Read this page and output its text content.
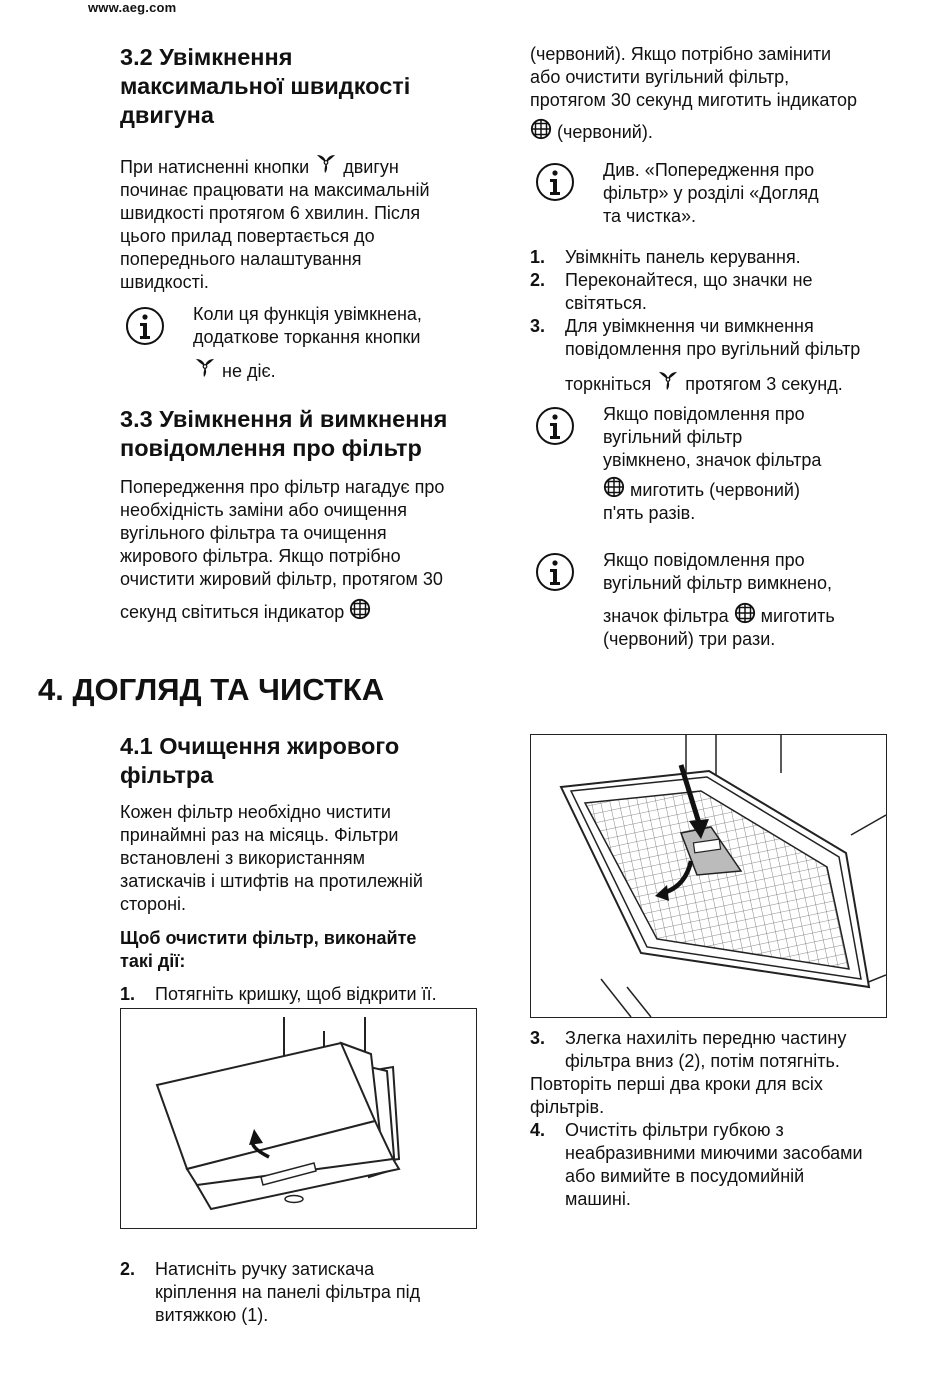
www.aeg.com
3.2 Увімкнення
максимальної швидкості
двигуна
При натисненні кнопки двигун
починає працювати на максимальній
швидкості протягом 6 хвилин. Після
цього прилад повертається до
попереднього налаштування
швидкості.
Коли ця функція увімкнена,
додаткове торкання кнопки
не діє.
3.3 Увімкнення й вимкнення
повідомлення про фільтр
Попередження про фільтр нагадує про
необхідність заміни або очищення
вугільного фільтра та очищення
жирового фільтра. Якщо потрібно
очистити жировий фільтр, протягом 30
секунд світиться індикатор
(червоний). Якщо потрібно замінити
або очистити вугільний фільтр,
протягом 30 секунд миготить індикатор
(червоний).
Див. «Попередження про
фільтр» у розділі «Догляд
та чистка».
1. Увімкніть панель керування.
2. Переконайтеся, що значки не
світяться.
3. Для увімкнення чи вимкнення
повідомлення про вугільний фільтр
торкніться протягом 3 секунд.
Якщо повідомлення про
вугільний фільтр
увімкнено, значок фільтра
миготить (червоний)
п'ять разів.
Якщо повідомлення про
вугільний фільтр вимкнено,
значок фільтра миготить
(червоний) три рази.
4. ДОГЛЯД ТА ЧИСТКА
4.1 Очищення жирового
фільтра
Кожен фільтр необхідно чистити
принаймні раз на місяць. Фільтри
встановлені з використанням
затискачів і штифтів на протилежній
стороні.
Щоб очистити фільтр, виконайте
такі дії:
1. Потягніть кришку, щоб відкрити її.
2. Натисніть ручку затискача
кріплення на панелі фільтра під
витяжкою (1).
3. Злегка нахиліть передню частину
фільтра вниз (2), потім потягніть.
Повторіть перші два кроки для всіх
фільтрів.
4. Очистіть фільтри губкою з
неабразивними миючими засобами
або вимийте в посудомийній
машині.
